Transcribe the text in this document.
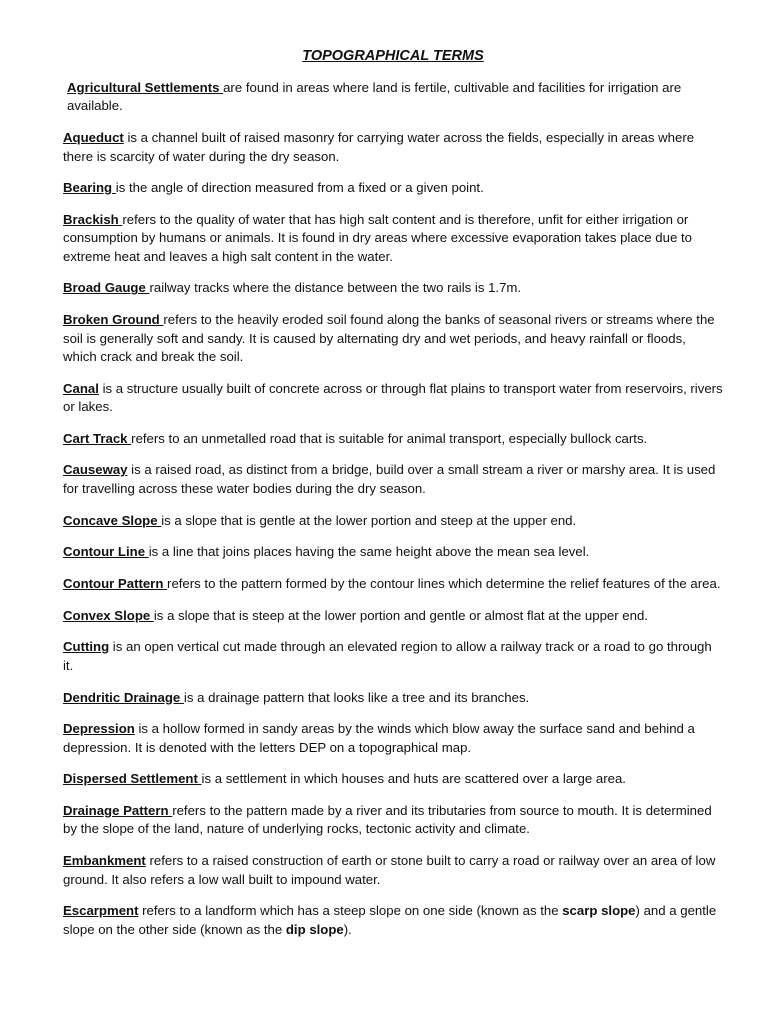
TOPOGRAPHICAL TERMS

Agricultural Settlements are found in areas where land is fertile, cultivable and facilities for irrigation are available.

Aqueduct is a channel built of raised masonry for carrying water across the fields, especially in areas where there is scarcity of water during the dry season.

Bearing is the angle of direction measured from a fixed or a given point.

Brackish refers to the quality of water that has high salt content and is therefore, unfit for either irrigation or consumption by humans or animals. It is found in dry areas where excessive evaporation takes place due to extreme heat and leaves a high salt content in the water.

Broad Gauge railway tracks where the distance between the two rails is 1.7m.

Broken Ground refers to the heavily eroded soil found along the banks of seasonal rivers or streams where the soil is generally soft and sandy. It is caused by alternating dry and wet periods, and heavy rainfall or floods, which crack and break the soil.

Canal is a structure usually built of concrete across or through flat plains to transport water from reservoirs, rivers or lakes.

Cart Track refers to an unmetalled road that is suitable for animal transport, especially bullock carts.

Causeway is a raised road, as distinct from a bridge, build over a small stream a river or marshy area. It is used for travelling across these water bodies during the dry season.

Concave Slope is a slope that is gentle at the lower portion and steep at the upper end.

Contour Line is a line that joins places having the same height above the mean sea level.

Contour Pattern refers to the pattern formed by the contour lines which determine the relief features of the area.

Convex Slope is a slope that is steep at the lower portion and gentle or almost flat at the upper end.

Cutting is an open vertical cut made through an elevated region to allow a railway track or a road to go through it.

Dendritic Drainage is a drainage pattern that looks like a tree and its branches.

Depression is a hollow formed in sandy areas by the winds which blow away the surface sand and behind a depression. It is denoted with the letters DEP on a topographical map.

Dispersed Settlement is a settlement in which houses and huts are scattered over a large area.

Drainage Pattern refers to the pattern made by a river and its tributaries from source to mouth. It is determined by the slope of the land, nature of underlying rocks, tectonic activity and climate.

Embankment refers to a raised construction of earth or stone built to carry a road or railway over an area of low ground. It also refers a low wall built to impound water.

Escarpment refers to a landform which has a steep slope on one side (known as the scarp slope) and a gentle slope on the other side (known as the dip slope).
